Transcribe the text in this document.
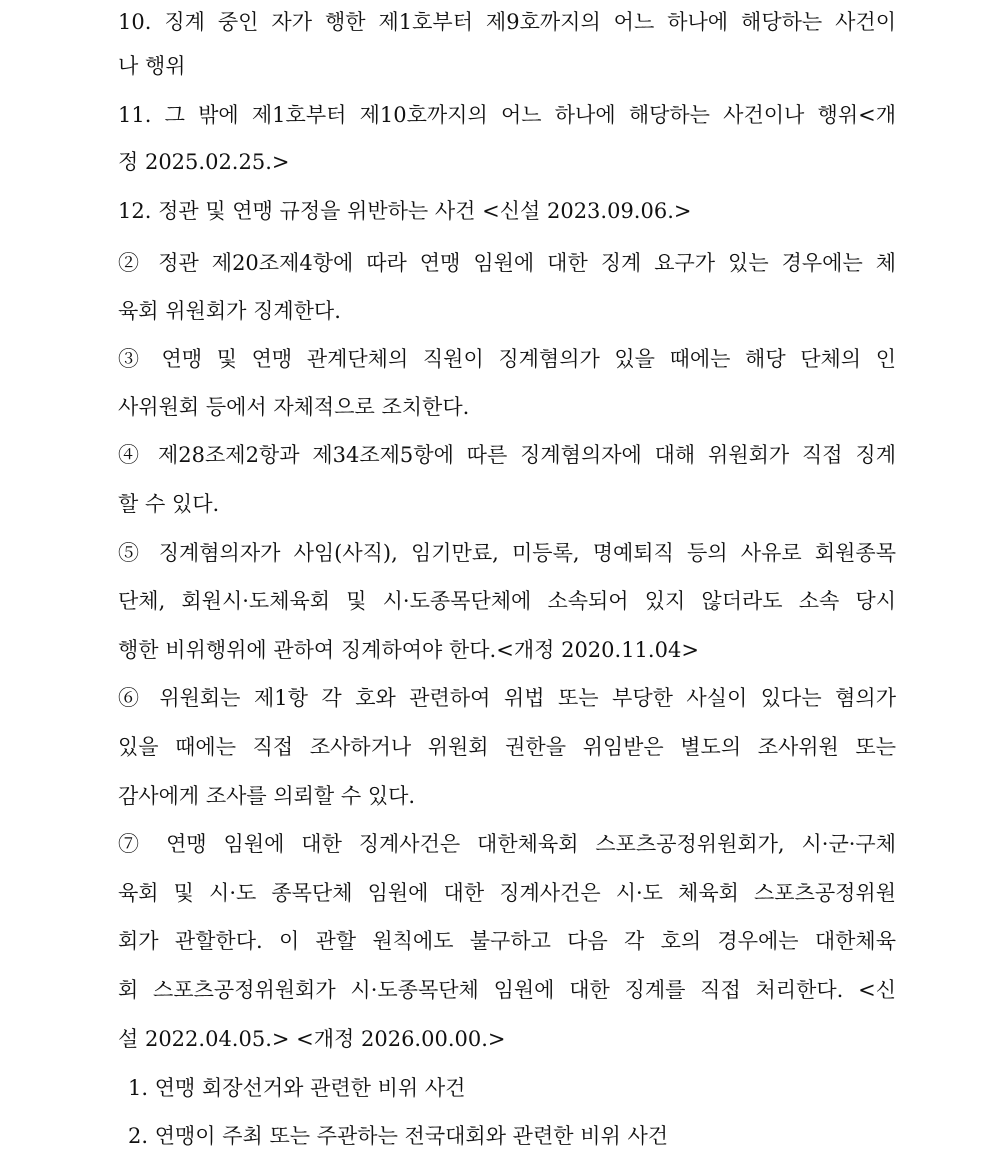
10. 징계 중인 자가 행한 제1호부터 제9호까지의 어느 하나에 해당하는 사건이
나 행위
11. 그 밖에 제1호부터 제10호까지의 어느 하나에 해당하는 사건이나 행위<개
정 2025.02.25.>
12. 정관 및 연맹 규정을 위반하는 사건 <신설 2023.09.06.>
② 정관 제20조제4항에 따라 연맹 임원에 대한 징계 요구가 있는 경우에는 체
육회 위원회가 징계한다.
③ 연맹 및 연맹 관계단체의 직원이 징계혐의가 있을 때에는 해당 단체의 인
사위원회 등에서 자체적으로 조치한다.
④ 제28조제2항과 제34조제5항에 따른 징계혐의자에 대해 위원회가 직접 징계
할 수 있다.
⑤ 징계혐의자가 사임(사직), 임기만료, 미등록, 명예퇴직 등의 사유로 회원종목
단체, 회원시·도체육회 및 시·도종목단체에 소속되어 있지 않더라도 소속 당시
행한 비위행위에 관하여 징계하여야 한다.<개정 2020.11.04>
⑥ 위원회는 제1항 각 호와 관련하여 위법 또는 부당한 사실이 있다는 혐의가
있을 때에는 직접 조사하거나 위원회 권한을 위임받은 별도의 조사위원 또는
감사에게 조사를 의뢰할 수 있다.
⑦ 연맹 임원에 대한 징계사건은 대한체육회 스포츠공정위원회가, 시·군·구체
육회 및 시·도 종목단체 임원에 대한 징계사건은 시·도 체육회 스포츠공정위원
회가 관할한다. 이 관할 원칙에도 불구하고 다음 각 호의 경우에는 대한체육
회 스포츠공정위원회가 시·도종목단체 임원에 대한 징계를 직접 처리한다. <신
설 2022.04.05.> <개정 2026.00.00.>
1. 연맹 회장선거와 관련한 비위 사건
2. 연맹이 주최 또는 주관하는 전국대회와 관련한 비위 사건
